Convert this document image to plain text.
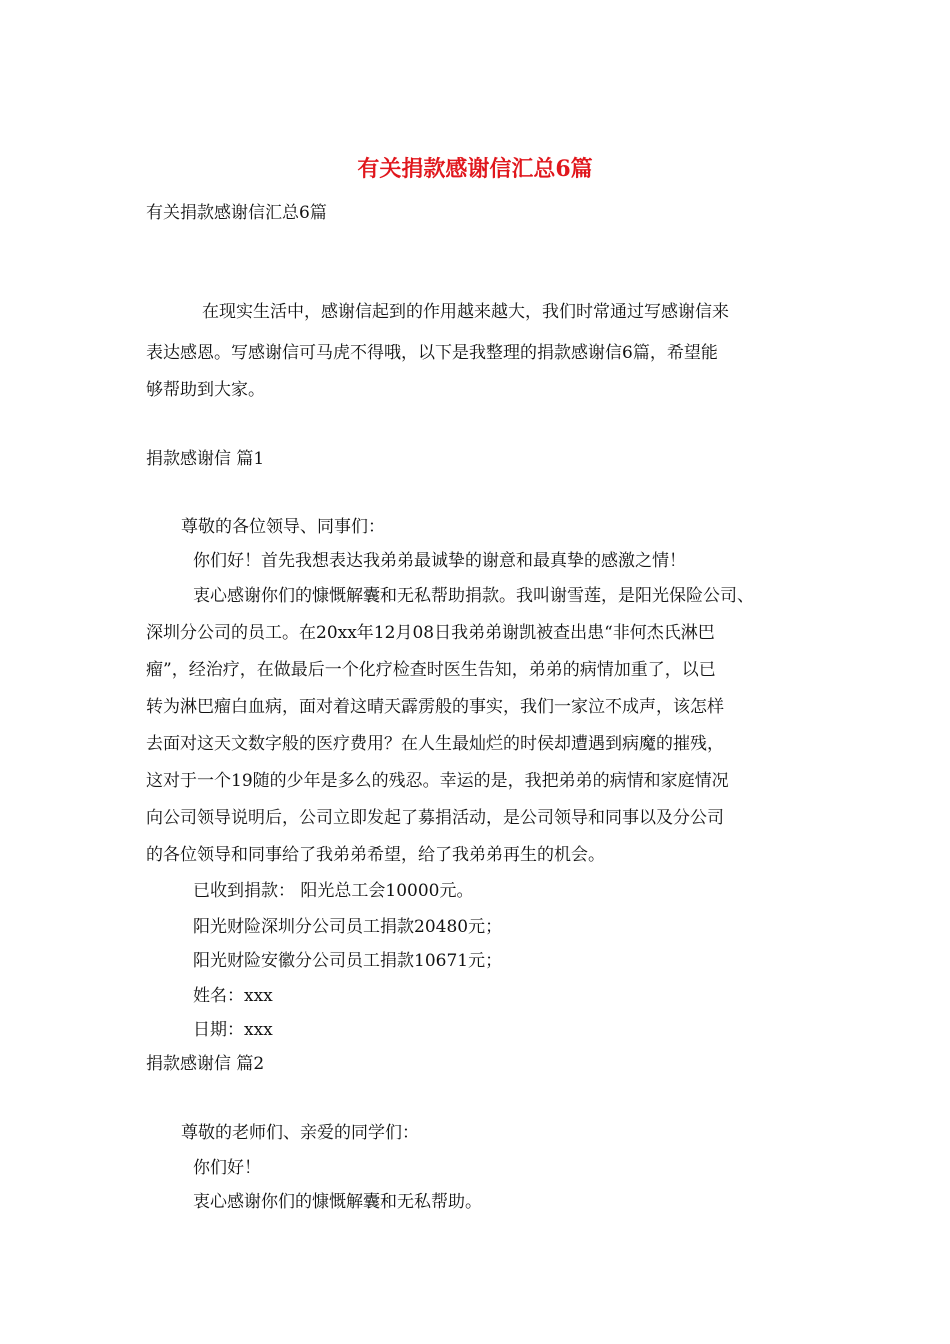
有关捐款感谢信汇总6篇

有关捐款感谢信汇总6篇

在现实生活中，感谢信起到的作用越来越大，我们时常通过写感谢信来

表达感恩。写感谢信可马虎不得哦，以下是我整理的捐款感谢信6篇，希望能

够帮助到大家。

捐款感谢信 篇1

尊敬的各位领导、同事们：

你们好！首先我想表达我弟弟最诚挚的谢意和最真挚的感激之情！

衷心感谢你们的慷慨解囊和无私帮助捐款。我叫谢雪莲，是阳光保险公司、

深圳分公司的员工。在20xx年12月08日我弟弟谢凯被查出患“非何杰氏淋巴

瘤”，经治疗，在做最后一个化疗检查时医生告知，弟弟的病情加重了，以已

转为淋巴瘤白血病，面对着这晴天霹雳般的事实，我们一家泣不成声，该怎样

去面对这天文数字般的医疗费用？在人生最灿烂的时侯却遭遇到病魔的摧残，

这对于一个19随的少年是多么的残忍。幸运的是，我把弟弟的病情和家庭情况

向公司领导说明后，公司立即发起了募捐活动，是公司领导和同事以及分公司

的各位领导和同事给了我弟弟希望，给了我弟弟再生的机会。

已收到捐款： 阳光总工会10000元。

阳光财险深圳分公司员工捐款20480元；

阳光财险安徽分公司员工捐款10671元；

姓名：xxx

日期：xxx

捐款感谢信 篇2

尊敬的老师们、亲爱的同学们：

你们好！

衷心感谢你们的慷慨解囊和无私帮助。
